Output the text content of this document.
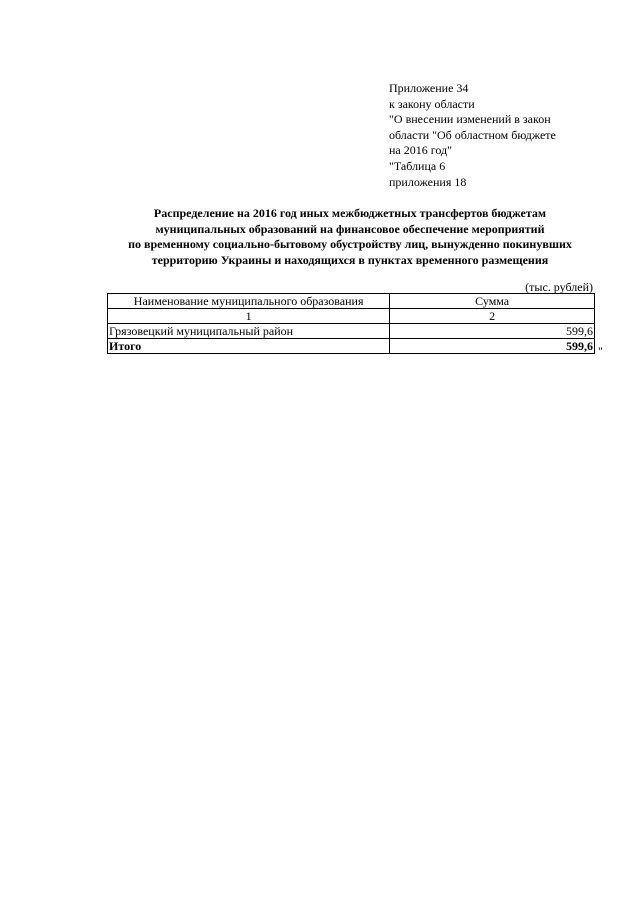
Приложение 34
к закону области
"О внесении изменений в закон
области "Об областном бюджете
на 2016 год"
"Таблица 6
приложения 18
Распределение на 2016 год иных межбюджетных трансфертов бюджетам
муниципальных образований на финансовое обеспечение мероприятий
по временному социально-бытовому обустройству лиц, вынужденно покинувших
территорию Украины и находящихся в пунктах временного размещения
(тыс. рублей)
Наименование муниципального образования	Сумма
1	2
Грязовецкий муниципальный район	599,6
Итого	599,6 "
